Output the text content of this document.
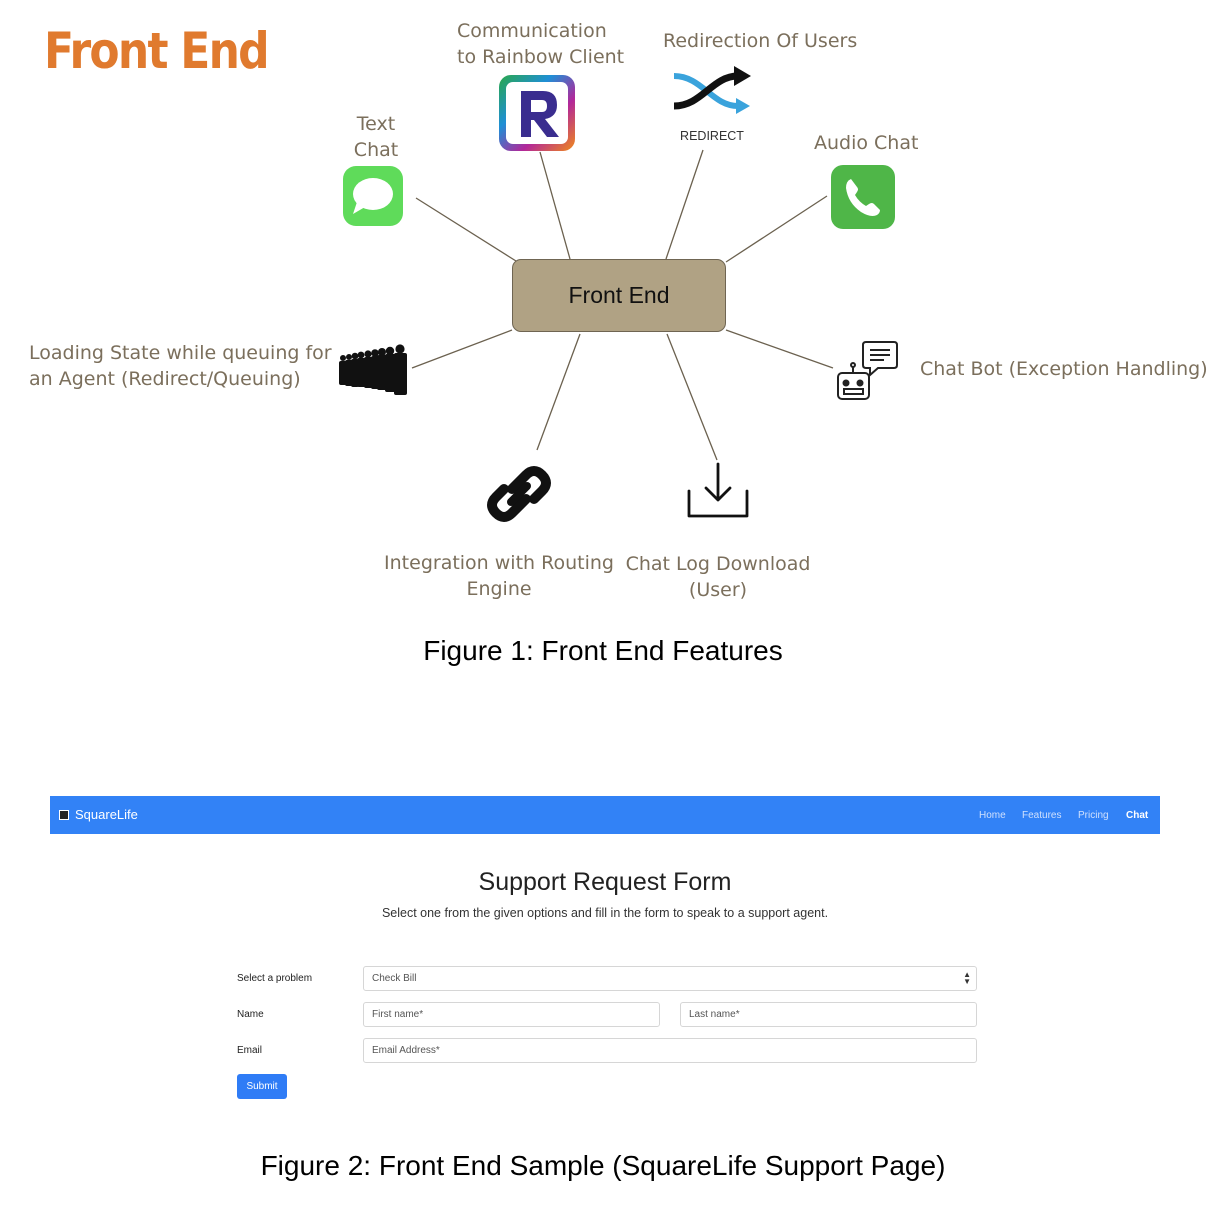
Front End
Front End
Communication
to Rainbow Client
Redirection Of Users
REDIRECT
Text
Chat	Audio Chat
Loading State while queuing for
an Agent (Redirect/Queuing)	Chat Bot (Exception Handling)
Integration with Routing
Engine
Chat Log Download
(User)
Figure 1: Front End Features
SquareLife	Home Features Pricing Chat
Support Request Form
Select one from the given options and fill in the form to speak to a support agent.
Select a problem	Check Bill	▲
▼
Name	First name*	Last name*
Email	Email Address*
Submit
Figure 2: Front End Sample (SquareLife Support Page)
